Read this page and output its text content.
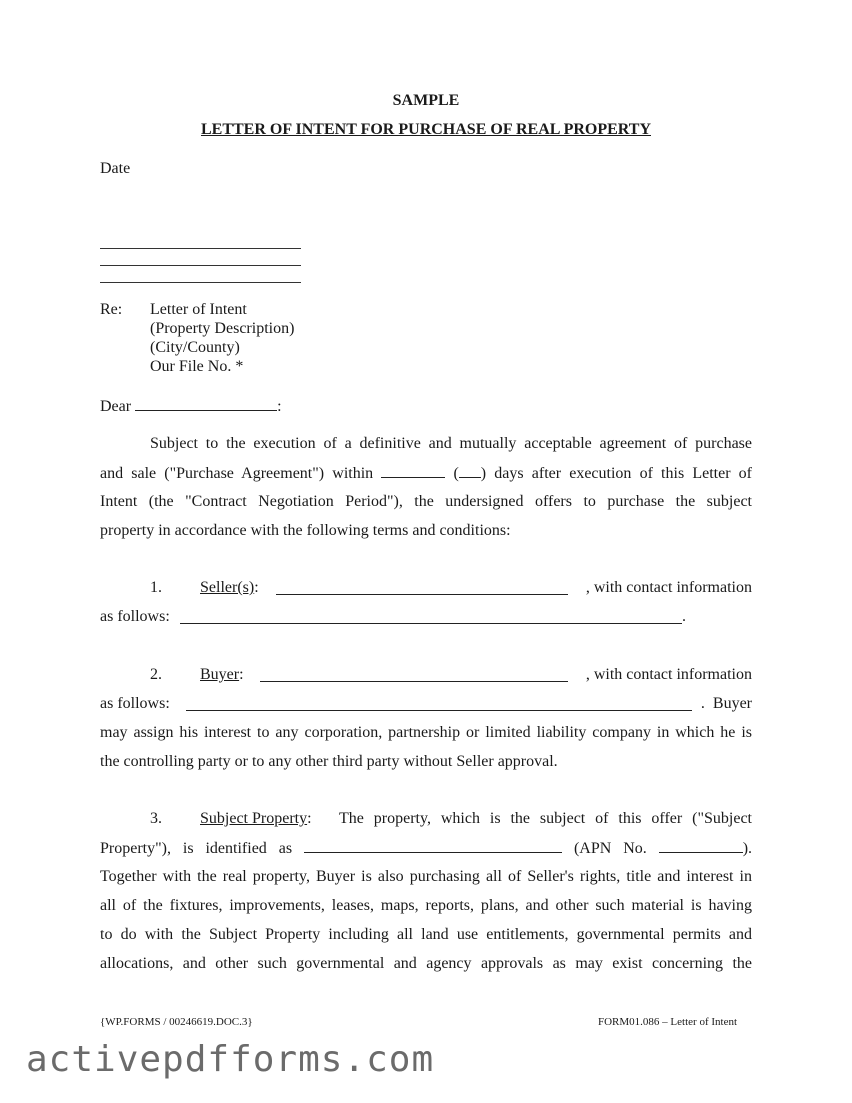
SAMPLE
LETTER OF INTENT FOR PURCHASE OF REAL PROPERTY
Date
Re: Letter of Intent
(Property Description)
(City/County)
Our File No. *
Dear	:
Subject to the execution of a definitive and mutually acceptable agreement of purchase
and sale ("Purchase Agreement") within	( ) days after execution of this Letter of
Intent (the "Contract Negotiation Period"), the undersigned offers to purchase the subject
property in accordance with the following terms and conditions:
1. Seller(s):	, with contact information
as follows:	.
2. Buyer:	, with contact information
as follows:	.  Buyer
may assign his interest to any corporation, partnership or limited liability company in which he is
the controlling party or to any other third party without Seller approval.
3. Subject Property: The property, which is the subject of this offer ("Subject
Property"), is identified as	(APN No.	).
Together with the real property, Buyer is also purchasing all of Seller's rights, title and interest in
all of the fixtures, improvements, leases, maps, reports, plans, and other such material is having
to do with the Subject Property including all land use entitlements, governmental permits and
allocations, and other such governmental and agency approvals as may exist concerning the
{WP.FORMS / 00246619.DOC.3}	FORM01.086 – Letter of Intent
activepdfforms.com
